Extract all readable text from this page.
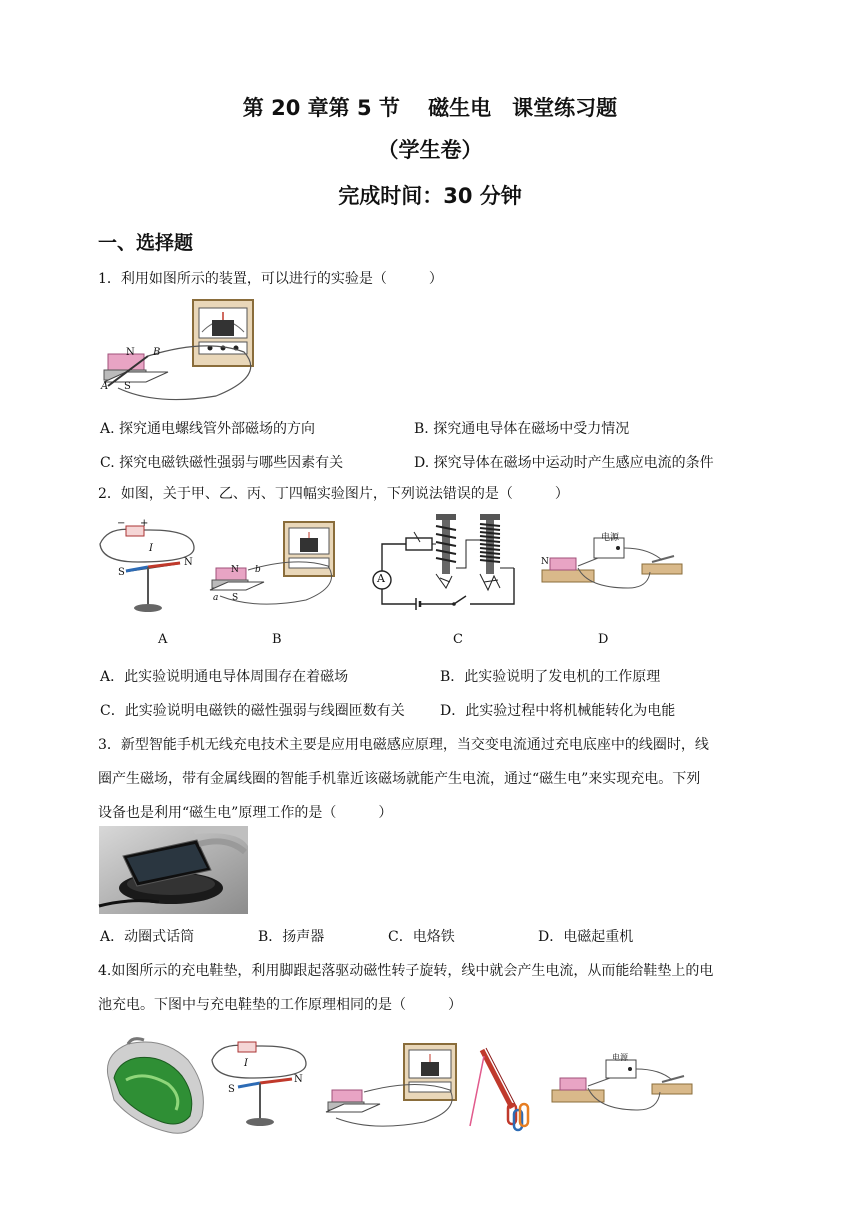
第 20 章第 5 节　 磁生电　课堂练习题
（学生卷）
完成时间：30 分钟
一、选择题
1．利用如图所示的装置，可以进行的实验是（　　　）
N B
A S
A. 探究通电螺线管外部磁场的方向	B. 探究通电导体在磁场中受力情况
C. 探究电磁铁磁性强弱与哪些因素有关	D. 探究导体在磁场中运动时产生感应电流的条件
2．如图，关于甲、乙、丙、丁四幅实验图片，下列说法错误的是（　　　）
− +
I
S
N
N b
a S
A
电源
N
A	B	C	D
A．此实验说明通电导体周围存在着磁场	B．此实验说明了发电机的工作原理
C．此实验说明电磁铁的磁性强弱与线圈匝数有关	D．此实验过程中将机械能转化为电能
3．新型智能手机无线充电技术主要是应用电磁感应原理，当交变电流通过充电底座中的线圈时，线
圈产生磁场，带有金属线圈的智能手机靠近该磁场就能产生电流，通过“磁生电”来实现充电。下列
设备也是利用“磁生电”原理工作的是（　　　）
A．动圈式话筒	B．扬声器	C．电烙铁	D．电磁起重机
4.如图所示的充电鞋垫，利用脚跟起落驱动磁性转子旋转，线中就会产生电流，从而能给鞋垫上的电
池充电。下图中与充电鞋垫的工作原理相同的是（　　　）
I
S
N
电源
